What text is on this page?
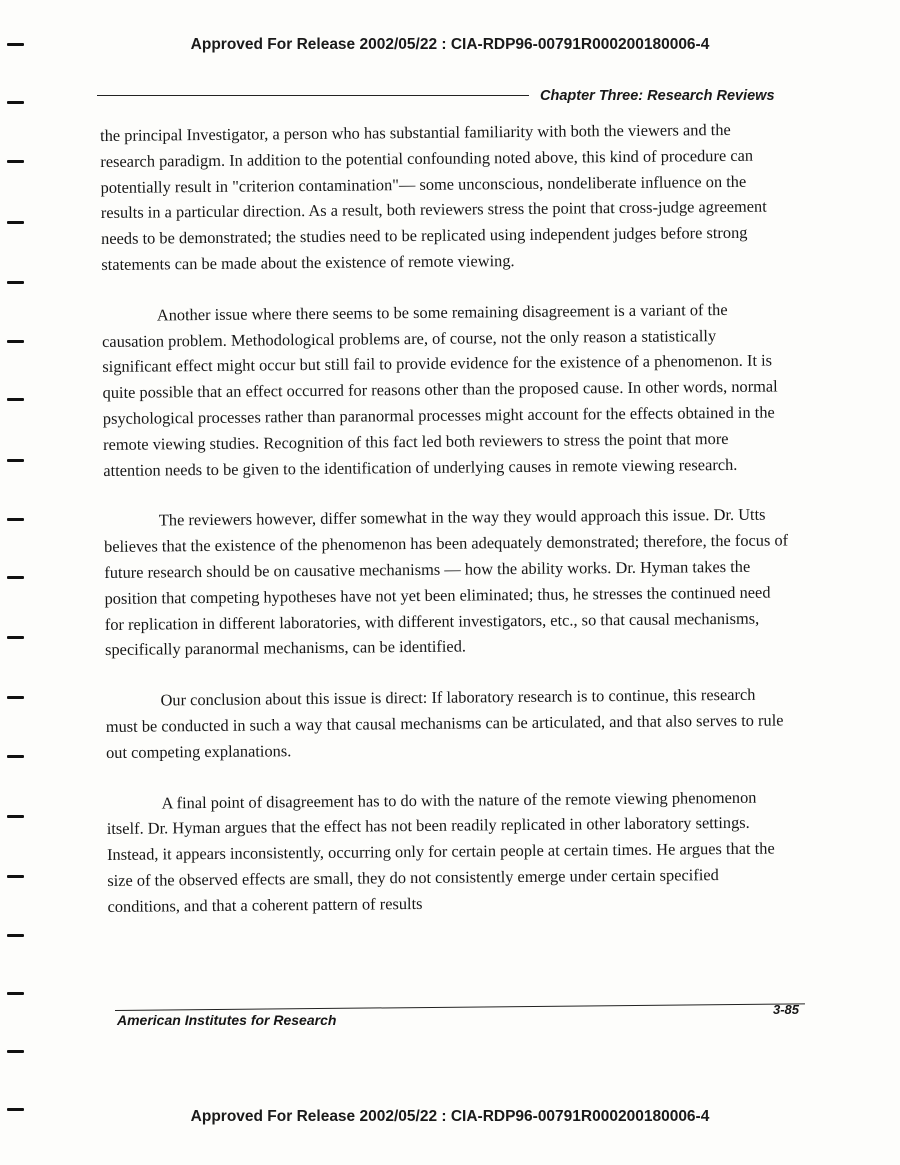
Approved For Release 2002/05/22 : CIA-RDP96-00791R000200180006-4
Chapter Three: Research Reviews

the principal Investigator, a person who has substantial familiarity with both the viewers and the research paradigm. In addition to the potential confounding noted above, this kind of procedure can potentially result in "criterion contamination"— some unconscious, nondeliberate influence on the results in a particular direction. As a result, both reviewers stress the point that cross-judge agreement needs to be demonstrated; the studies need to be replicated using independent judges before strong statements can be made about the existence of remote viewing.

Another issue where there seems to be some remaining disagreement is a variant of the causation problem. Methodological problems are, of course, not the only reason a statistically significant effect might occur but still fail to provide evidence for the existence of a phenomenon. It is quite possible that an effect occurred for reasons other than the proposed cause. In other words, normal psychological processes rather than paranormal processes might account for the effects obtained in the remote viewing studies. Recognition of this fact led both reviewers to stress the point that more attention needs to be given to the identification of underlying causes in remote viewing research.

The reviewers however, differ somewhat in the way they would approach this issue. Dr. Utts believes that the existence of the phenomenon has been adequately demonstrated; therefore, the focus of future research should be on causative mechanisms — how the ability works. Dr. Hyman takes the position that competing hypotheses have not yet been eliminated; thus, he stresses the continued need for replication in different laboratories, with different investigators, etc., so that causal mechanisms, specifically paranormal mechanisms, can be identified.

Our conclusion about this issue is direct: If laboratory research is to continue, this research must be conducted in such a way that causal mechanisms can be articulated, and that also serves to rule out competing explanations.

A final point of disagreement has to do with the nature of the remote viewing phenomenon itself. Dr. Hyman argues that the effect has not been readily replicated in other laboratory settings. Instead, it appears inconsistently, occurring only for certain people at certain times. He argues that the size of the observed effects are small, they do not consistently emerge under certain specified conditions, and that a coherent pattern of results

American Institutes for Research
3-85
Approved For Release 2002/05/22 : CIA-RDP96-00791R000200180006-4
